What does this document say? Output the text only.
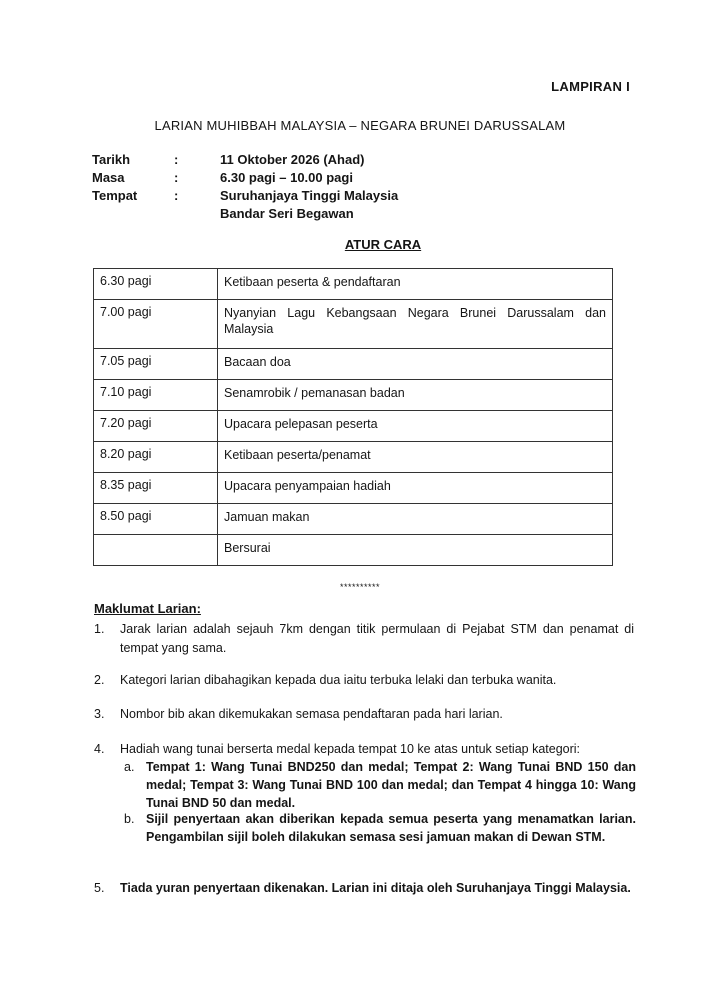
LAMPIRAN I
LARIAN MUHIBBAH MALAYSIA – NEGARA BRUNEI DARUSSALAM
Tarikh	:	11 Oktober 2026 (Ahad)
Masa	:	6.30 pagi – 10.00 pagi
Tempat	:	Suruhanjaya Tinggi Malaysia
Bandar Seri Begawan
ATUR CARA
6.30 pagi	Ketibaan peserta & pendaftaran
7.00 pagi	Nyanyian Lagu Kebangsaan Negara Brunei Darussalam dan Malaysia
7.05 pagi	Bacaan doa
7.10 pagi	Senamrobik / pemanasan badan
7.20 pagi	Upacara pelepasan peserta
8.20 pagi	Ketibaan peserta/penamat
8.35 pagi	Upacara penyampaian hadiah
8.50 pagi	Jamuan makan
	Bersurai
**********
Maklumat Larian:
1.	Jarak larian adalah sejauh 7km dengan titik permulaan di Pejabat STM dan penamat di tempat yang sama.
2.	Kategori larian dibahagikan kepada dua iaitu terbuka lelaki dan terbuka wanita.
3.	Nombor bib akan dikemukakan semasa pendaftaran pada hari larian.
4.	Hadiah wang tunai berserta medal kepada tempat 10 ke atas untuk setiap kategori:
a. Tempat 1: Wang Tunai BND250 dan medal; Tempat 2: Wang Tunai BND 150 dan medal; Tempat 3: Wang Tunai BND 100 dan medal; dan Tempat 4 hingga 10: Wang Tunai BND 50 dan medal.
b. Sijil penyertaan akan diberikan kepada semua peserta yang menamatkan larian. Pengambilan sijil boleh dilakukan semasa sesi jamuan makan di Dewan STM.
5.	Tiada yuran penyertaan dikenakan. Larian ini ditaja oleh Suruhanjaya Tinggi Malaysia.
